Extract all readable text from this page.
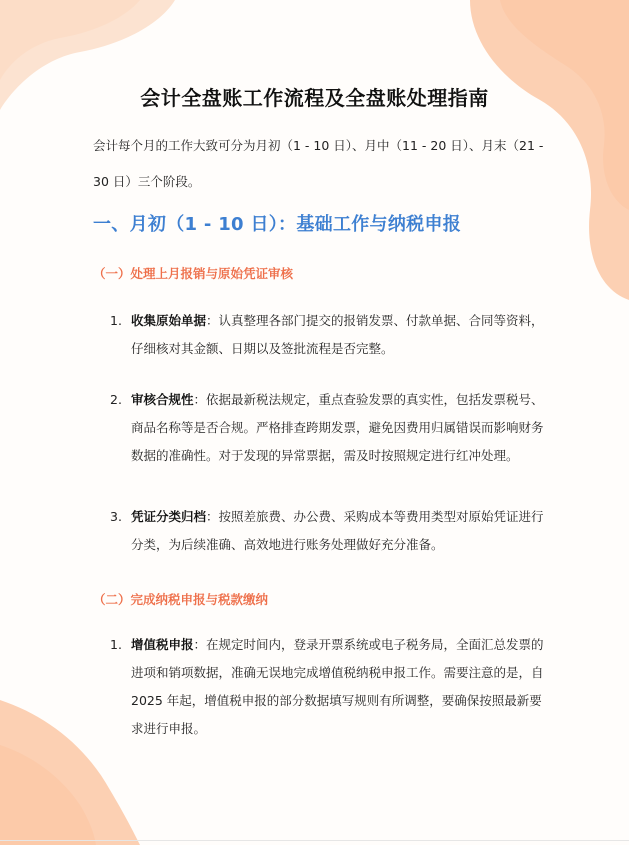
会计全盘账工作流程及全盘账处理指南
会计每个月的工作大致可分为月初（1 - 10 日）、月中（11 - 20 日）、月末（21 - 30 日）三个阶段。
一、月初（1 - 10 日）：基础工作与纳税申报
（一）处理上月报销与原始凭证审核
1. 收集原始单据：认真整理各部门提交的报销发票、付款单据、合同等资料，仔细核对其金额、日期以及签批流程是否完整。
2. 审核合规性：依据最新税法规定，重点查验发票的真实性，包括发票税号、商品名称等是否合规。严格排查跨期发票，避免因费用归属错误而影响财务数据的准确性。对于发现的异常票据，需及时按照规定进行红冲处理。
3. 凭证分类归档：按照差旅费、办公费、采购成本等费用类型对原始凭证进行分类，为后续准确、高效地进行账务处理做好充分准备。
（二）完成纳税申报与税款缴纳
1. 增值税申报：在规定时间内，登录开票系统或电子税务局，全面汇总发票的进项和销项数据，准确无误地完成增值税纳税申报工作。需要注意的是，自 2025 年起，增值税申报的部分数据填写规则有所调整，要确保按照最新要求进行申报。
